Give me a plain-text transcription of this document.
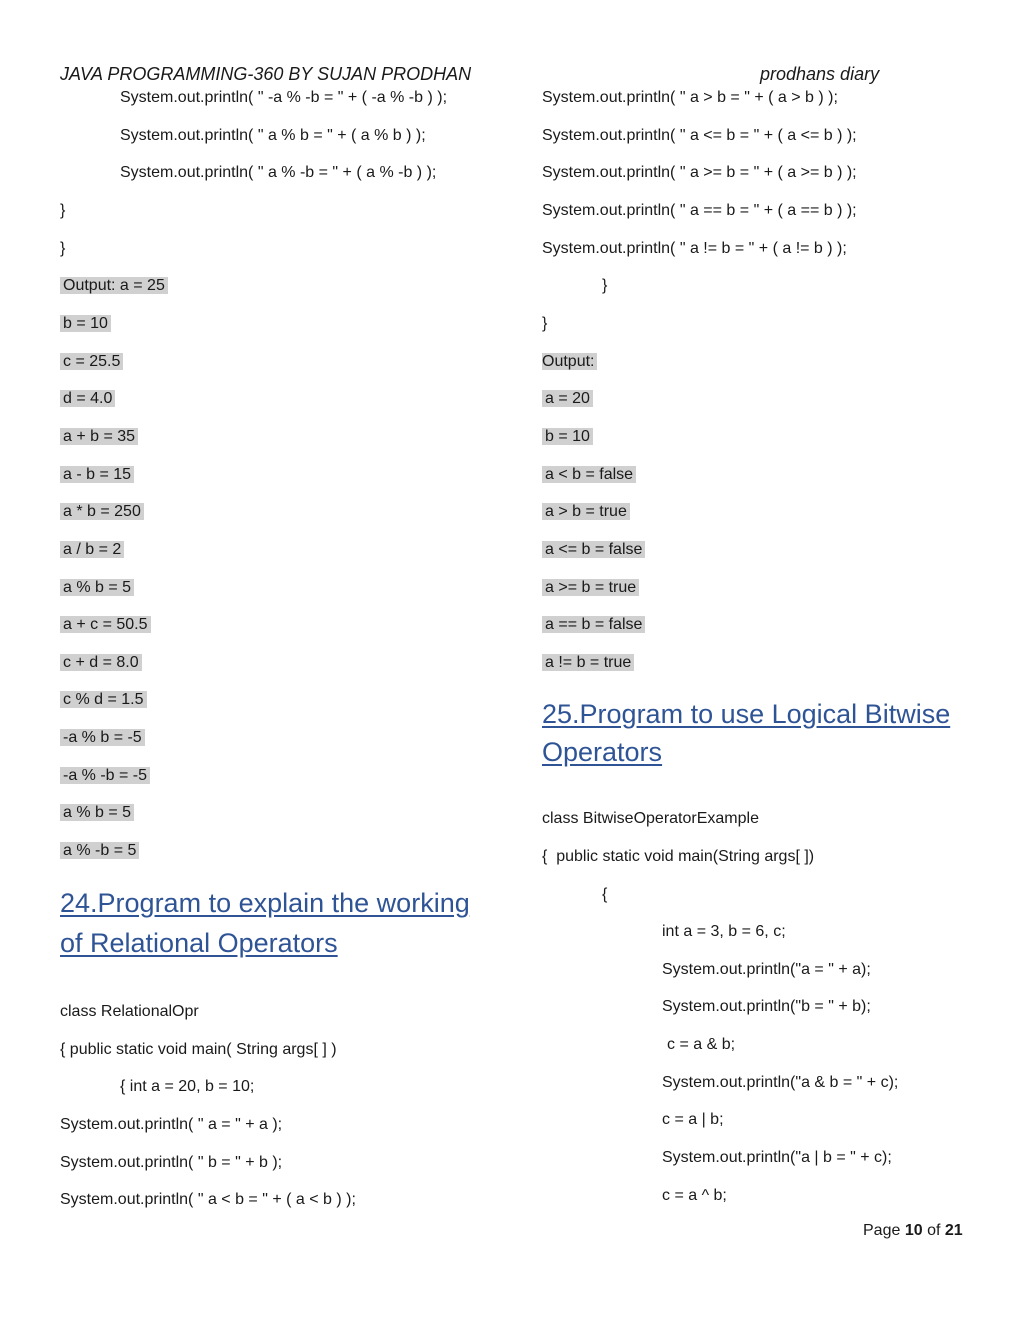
JAVA PROGRAMMING-360 BY SUJAN PRODHAN	prodhans diary
System.out.println( " -a % -b = " + ( -a % -b ) );
System.out.println( " a % b = " + ( a % b ) );
System.out.println( " a % -b = " + ( a % -b ) );
}
}
Output: a = 25
b = 10
c = 25.5
d = 4.0
a + b = 35
a - b = 15
a * b = 250
a / b = 2
a % b = 5
a + c = 50.5
c + d = 8.0
c % d = 1.5
-a % b = -5
-a % -b = -5
a % b = 5
a % -b = 5
24.Program to explain the working
of Relational Operators
class RelationalOpr
{ public static void main( String args[ ] )
{ int a = 20, b = 10;
System.out.println( " a = " + a );
System.out.println( " b = " + b );
System.out.println( " a < b = " + ( a < b ) );
System.out.println( " a > b = " + ( a > b ) );
System.out.println( " a <= b = " + ( a <= b ) );
System.out.println( " a >= b = " + ( a >= b ) );
System.out.println( " a == b = " + ( a == b ) );
System.out.println( " a != b = " + ( a != b ) );
}
}
Output:
a = 20
b = 10
a < b = false
a > b = true
a <= b = false
a >= b = true
a == b = false
a != b = true
25.Program to use Logical Bitwise
Operators
class BitwiseOperatorExample
{  public static void main(String args[ ])
{
int a = 3, b = 6, c;
System.out.println("a = " + a);
System.out.println("b = " + b);
c = a & b;
System.out.println("a & b = " + c);
c = a | b;
System.out.println("a | b = " + c);
c = a ^ b;
Page 10 of 21
